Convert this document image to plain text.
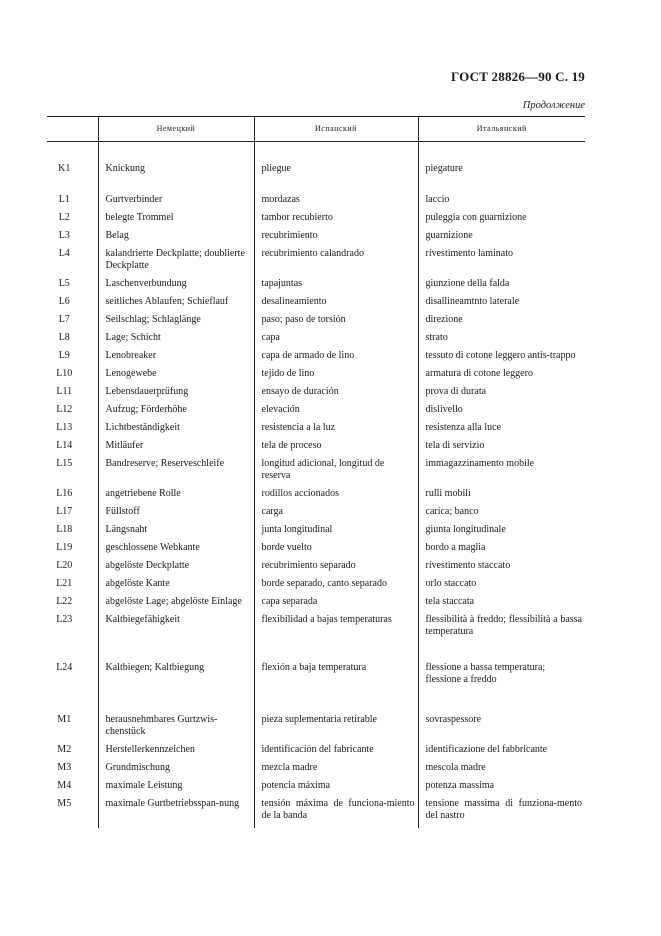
ГОСТ 28826—90 С. 19
Продолжение
	Немецкий	Испанский	Итальянский

K1	Knickung	pliegue	piegature
L1	Gurtverbinder	mordazas	laccio
L2	belegte Trommel	tambor recubierto	puleggia con guarnizione
L3	Belag	recubrimiento	guarnizione
L4	kalandrierte Deckplatte; doublierte Deckplatte	recubrimiento calandrado	rivestimento laminato
L5	Laschenverbundung	tapajuntas	giunzione della falda
L6	seitliches Ablaufen; Schieflauf	desalineamiento	disallineamtnto laterale
L7	Seilschlag; Schlaglänge	paso; paso de torsión	direzione
L8	Lage; Schicht	capa	strato
L9	Lenobreaker	capa de armado de lino	tessuto di cotone leggero antis-trappo
L10	Lenogewebe	tejido de lino	armatura di cotone leggero
L11	Lebensdauerprüfung	ensayo de duración	prova di durata
L12	Aufzug; Förderhöhe	elevación	dislivello
L13	Lichtbeständigkeit	resistencia a la luz	resistenza alla luce
L14	Mitläufer	tela de proceso	tela di servizio
L15	Bandreserve; Reserveschleife	longitud adicional, longitud de reserva	immagazzinamento mobile
L16	angetriebene Rolle	rodillos accionados	rulli mobili
L17	Füllstoff	carga	carica; banco
L18	Längsnaht	junta longitudinal	giunta longitudinale
L19	geschlossene Webkante	borde vuelto	bordo a maglia
L20	abgelöste Deckplatte	recubrimiento separado	rivestimento staccato
L21	abgelöste Kante	borde separado, canto separado	orlo staccato
L22	abgelöste Lage; abgelöste Einlage	capa separada	tela staccata
L23	Kaltbiegefähigkeit	flexibilidad a bajas temperaturas	flessibilità à freddo; flessibilità a bassa temperatura
L24	Kaltbiegen; Kaltbiegung	flexión a baja temperatura	flessione a bassa temperatura; flessione a freddo
M1	herausnehmbares Gurtzwis-chenstück	pieza suplementaria retirable	sovraspessore
M2	Herstellerkennzeichen	identificación del fabricante	identificazione del fabbricante
M3	Grundmischung	mezcla madre	mescola madre
M4	maximale Leistung	potencia máxima	potenza massima
M5	maximale Gurtbetriebsspan-nung	tensión máxima de funciona-miento de la banda	tensione massima di funziona-mento del nastro
